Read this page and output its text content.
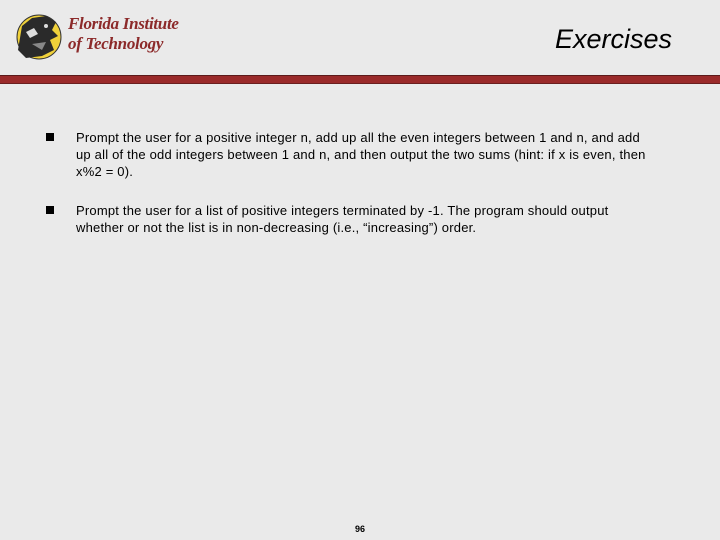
Florida Institute
of Technology	Exercises
Prompt the user for a positive integer n, add up all the even integers between 1 and n, and add up all of the odd integers between 1 and n, and then output the two sums (hint: if x is even, then x%2 = 0).
Prompt the user for a list of positive integers terminated by -1. The program should output whether or not the list is in non-decreasing (i.e., “increasing”) order.
96
